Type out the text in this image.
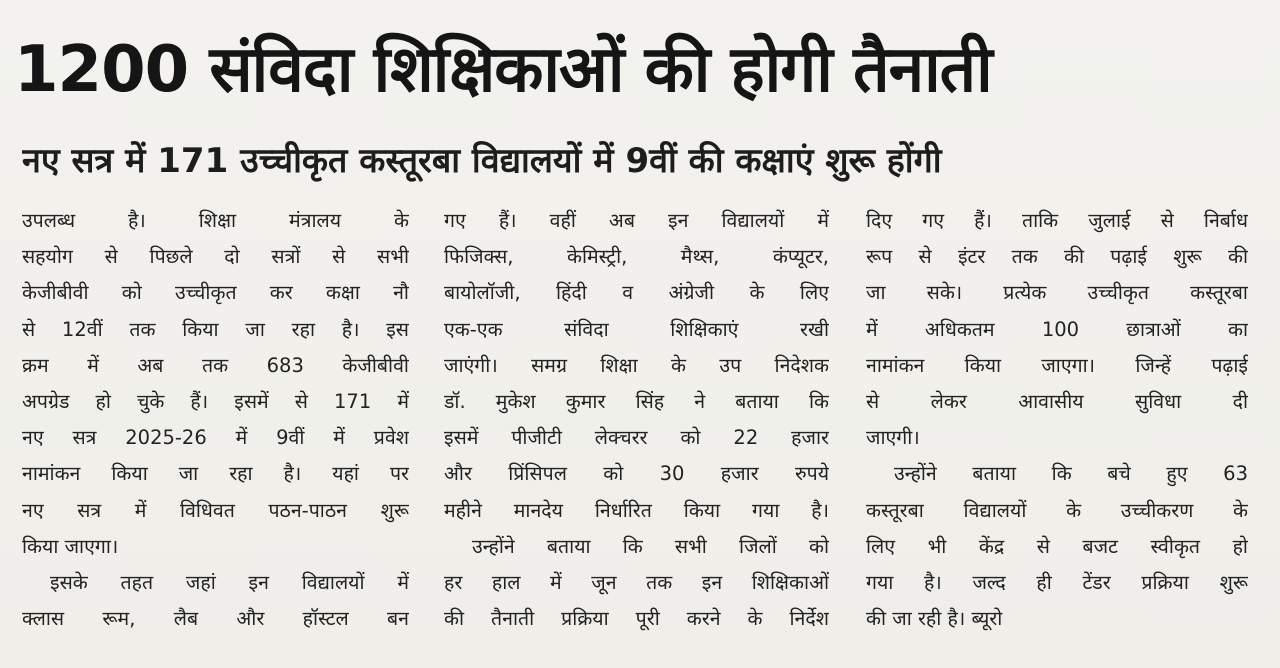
1200 संविदा शिक्षिकाओं की होगी तैनाती
नए सत्र में 171 उच्चीकृत कस्तूरबा विद्यालयों में 9वीं की कक्षाएं शुरू होंगी
उपलब्ध है। शिक्षा मंत्रालय के
सहयोग से पिछले दो सत्रों से सभी
केजीबीवी को उच्चीकृत कर कक्षा नौ
से 12वीं तक किया जा रहा है। इस
क्रम में अब तक 683 केजीबीवी
अपग्रेड हो चुके हैं। इसमें से 171 में
नए सत्र 2025-26 में 9वीं में प्रवेश
नामांकन किया जा रहा है। यहां पर
नए सत्र में विधिवत पठन-पाठन शुरू
किया जाएगा।
इसके तहत जहां इन विद्यालयों में
क्लास रूम, लैब और हॉस्टल बन
गए हैं। वहीं अब इन विद्यालयों में
फिजिक्स, केमिस्ट्री, मैथ्स, कंप्यूटर,
बायोलॉजी, हिंदी व अंग्रेजी के लिए
एक-एक संविदा शिक्षिकाएं रखी
जाएंगी। समग्र शिक्षा के उप निदेशक
डॉ. मुकेश कुमार सिंह ने बताया कि
इसमें पीजीटी लेक्चरर को 22 हजार
और प्रिंसिपल को 30 हजार रुपये
महीने मानदेय निर्धारित किया गया है।
उन्होंने बताया कि सभी जिलों को
हर हाल में जून तक इन शिक्षिकाओं
की तैनाती प्रक्रिया पूरी करने के निर्देश
दिए गए हैं। ताकि जुलाई से निर्बाध
रूप से इंटर तक की पढ़ाई शुरू की
जा सके। प्रत्येक उच्चीकृत कस्तूरबा
में अधिकतम 100 छात्राओं का
नामांकन किया जाएगा। जिन्हें पढ़ाई
से लेकर आवासीय सुविधा दी
जाएगी।
उन्होंने बताया कि बचे हुए 63
कस्तूरबा विद्यालयों के उच्चीकरण के
लिए भी केंद्र से बजट स्वीकृत हो
गया है। जल्द ही टेंडर प्रक्रिया शुरू
की जा रही है। ब्यूरो
